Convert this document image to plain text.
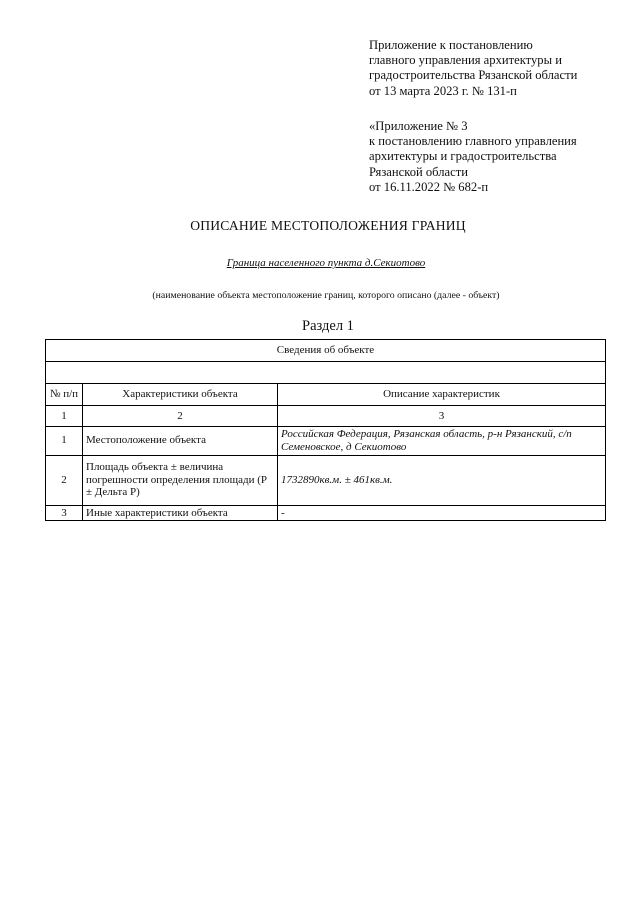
Приложение к постановлению
главного управления архитектуры и
градостроительства Рязанской области
от 13 марта 2023 г. № 131-п
«Приложение № 3
к постановлению главного управления
архитектуры и градостроительства
Рязанской области
от 16.11.2022 № 682-п
ОПИСАНИЕ МЕСТОПОЛОЖЕНИЯ ГРАНИЦ
Граница населенного пункта д.Секиотово
(наименование объекта местоположение границ, которого описано (далее - объект)
Раздел 1
Сведения об объекте		

№ п/п	Характеристики объекта	Описание характеристик
1	2	3
1	Местоположение объекта	Российская Федерация, Рязанская область, р-н Рязанский, с/п Семеновское, д Секиотово
2	Площадь объекта ± величина погрешности определения площади (P ± Дельта P)	1732890кв.м. ± 461кв.м.
3	Иные характеристики объекта	-
